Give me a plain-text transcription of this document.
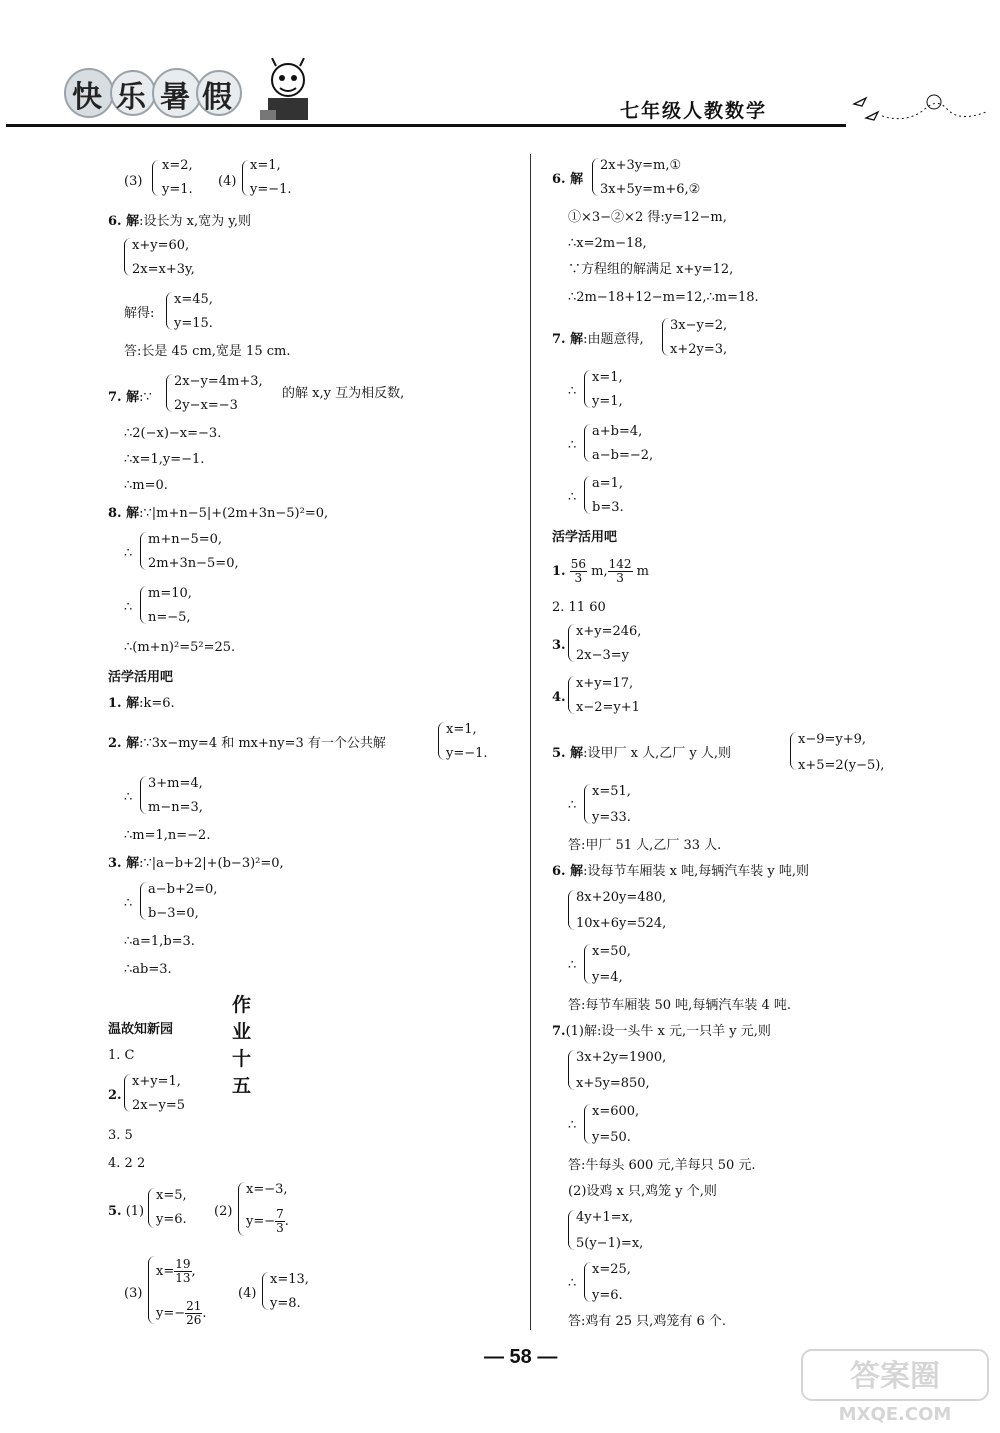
快 乐 暑 假	七年级人教数学
(3)
x=2,
y=1.
(4)
x=1,
y=−1.
6. 解:设长为 x,宽为 y,则
x+y=60,
2x=x+3y,
解得:
x=45,
y=15.
答:长是 45 cm,宽是 15 cm.
7. 解:∵
2x−y=4m+3,
2y−x=−3
的解 x,y 互为相反数,
∴2(−x)−x=−3.
∴x=1,y=−1.
∴m=0.
8. 解:∵|m+n−5|+(2m+3n−5)²=0,
∴
m+n−5=0,
2m+3n−5=0,
∴
m=10,
n=−5,
∴(m+n)²=5²=25.
活学活用吧
1. 解:k=6.
2. 解:∵3x−my=4 和 mx+ny=3 有一个公共解
x=1,
y=−1.
∴
3+m=4,
m−n=3,
∴m=1,n=−2.
3. 解:∵|a−b+2|+(b−3)²=0,
∴
a−b+2=0,
b−3=0,
∴a=1,b=3.
∴ab=3.
作业十五
温故知新园
1. C
2.
x+y=1,
2x−y=5
3. 5
4. 2 2
5. (1)
x=5,
y=6.
(2)
x=−3,
$y=- \frac{7}{3}$ .
(3)
$x= \frac{19}{13}$ ,
$y=- \frac{21}{26}$ .
(4)
x=13,
y=8.
6. 解
2x+3y=m,①
3x+5y=m+6,②
①×3−②×2 得:y=12−m,
∴x=2m−18,
∵方程组的解满足 x+y=12,
∴2m−18+12−m=12,∴m=18.
7. 解:由题意得,
3x−y=2,
x+2y=3,
∴
x=1,
y=1,
∴
a+b=4,
a−b=−2,
∴
a=1,
b=3.
活学活用吧
1. $\frac{56}{3} m$, $\frac{142}{3}$ m
2. 11 60
3.
x+y=246,
2x−3=y
4.
x+y=17,
x−2=y+1
5. 解:设甲厂 x 人,乙厂 y 人,则
x−9=y+9,
x+5=2(y−5),
∴
x=51,
y=33.
答:甲厂 51 人,乙厂 33 人.
6. 解:设每节车厢装 x 吨,每辆汽车装 y 吨,则
8x+20y=480,
10x+6y=524,
∴
x=50,
y=4,
答:每节车厢装 50 吨,每辆汽车装 4 吨.
7.(1)解:设一头牛 x 元,一只羊 y 元,则
3x+2y=1900,
x+5y=850,
∴
x=600,
y=50.
答:牛每头 600 元,羊每只 50 元.
(2)设鸡 x 只,鸡笼 y 个,则
4y+1=x,
5(y−1)=x,
∴
x=25,
y=6.
答:鸡有 25 只,鸡笼有 6 个.
— 58 —
答案圈
MXQE.COM
